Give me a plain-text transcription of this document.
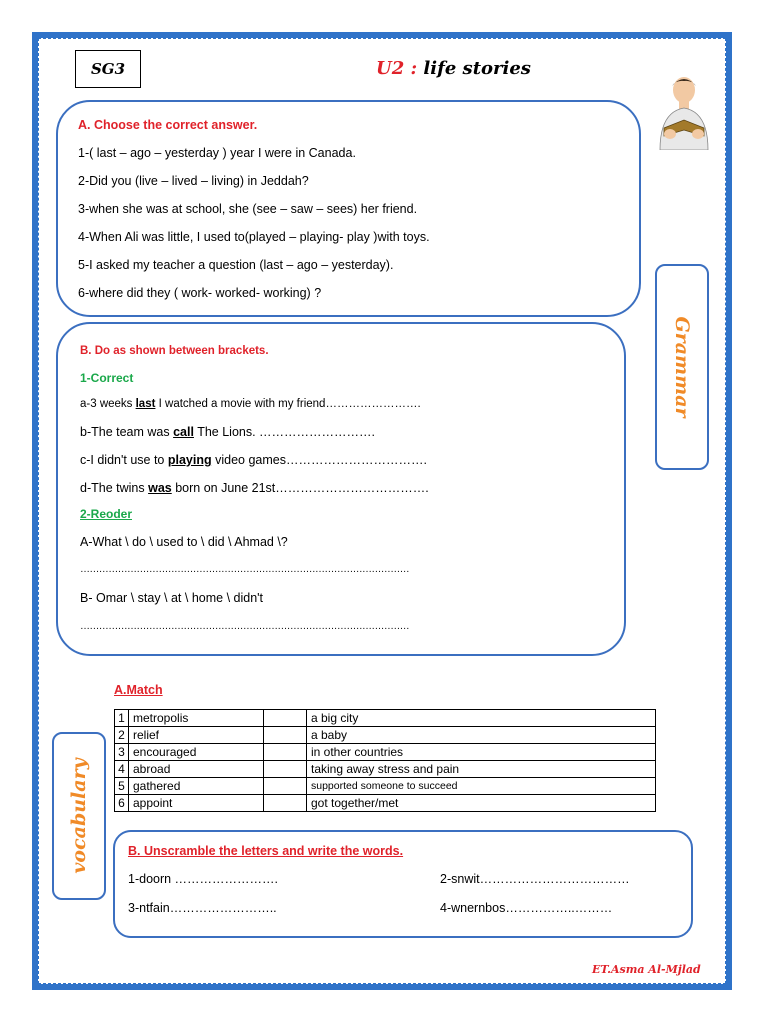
SG3	U2 : life stories
A. Choose the correct answer.
1-( last – ago – yesterday ) year I were in Canada.
2-Did you (live – lived – living) in Jeddah?
3-when she was at school, she (see – saw – sees) her friend.
4-When Ali was little, I used to(played – playing- play )with toys.
5-I asked my teacher a question (last – ago – yesterday).
6-where did they ( work- worked- working) ?
Grammar
B. Do as shown between brackets.
1-Correct
a-3 weeks last I watched a movie with my friend…………………….
b-The team was call The Lions. ……………………….
c-I didn't use to playing video games…………………………….
d-The twins was born on June 21st……………………………….
2-Reoder
A-What \ do \ used to \ did \ Ahmad \?
……………………………………………………………………………………………
B- Omar \ stay \ at \ home \ didn't
……………………………………………………………………………………………
vocabulary
A.Match
1	metropolis		a big city
2	relief		a baby
3	encouraged		in other countries
4	abroad		taking away stress and pain
5	gathered		supported someone to succeed
6	appoint		got together/met
B. Unscramble the letters and write the words.
1-doorn …………………….	2-snwit………………………………
3-ntfain……………………..	4-wnernbos……………..………
ET.Asma Al-Mjlad
